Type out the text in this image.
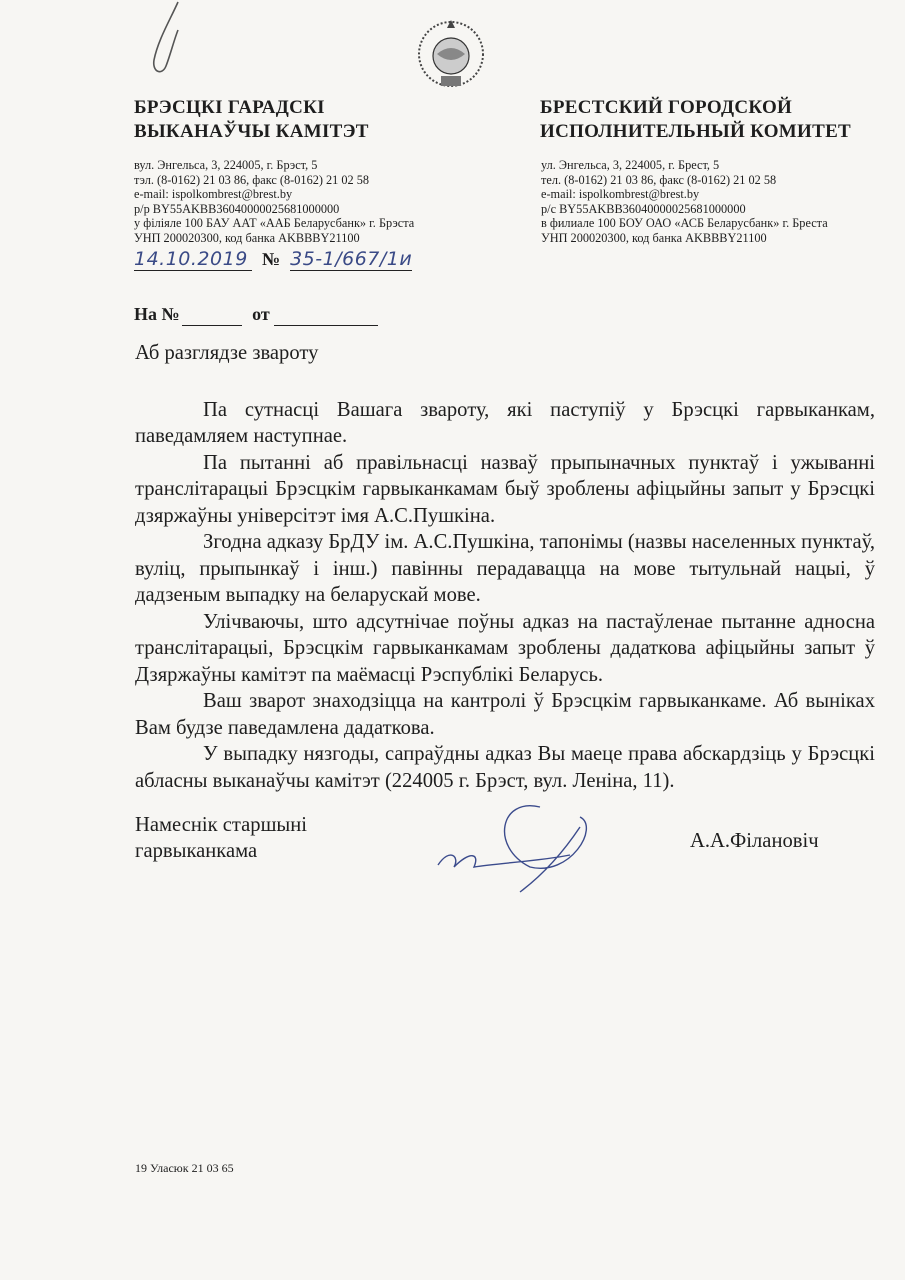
БРЭСЦКІ ГАРАДСКІ
ВЫКАНАЎЧЫ КАМІТЭТ
БРЕСТСКИЙ ГОРОДСКОЙ
ИСПОЛНИТЕЛЬНЫЙ КОМИТЕТ
вул. Энгельса, 3, 224005, г. Брэст, 5
тэл. (8-0162) 21 03 86, факс (8-0162) 21 02 58
e-mail: ispolkombrest@brest.by
р/р BY55AKBB36040000025681000000
у філіяле 100 БАУ ААТ «ААБ Беларусбанк» г. Брэста
УНП 200020300, код банка AKBBBY21100
ул. Энгельса, 3, 224005, г. Брест, 5
тел. (8-0162) 21 03 86, факс (8-0162) 21 02 58
e-mail: ispolkombrest@brest.by
р/с BY55AKBB36040000025681000000
в филиале 100 БОУ ОАО «АСБ Беларусбанк» г. Бреста
УНП 200020300, код банка AKBBBY21100
14.10.2019 № 35-1/667/1и
На №	от

Аб разглядзе звароту

Па сутнасці Вашага звароту, які паступіў у Брэсцкі гарвыканкам, паведамляем наступнае.

Па пытанні аб правільнасці назваў прыпыначных пунктаў і ужыванні транслітарацыі Брэсцкім гарвыканкамам быў зроблены афіцыйны запыт у Брэсцкі дзяржаўны універсітэт імя А.С.Пушкіна.

Згодна адказу БрДУ ім. А.С.Пушкіна, тапонімы (назвы населенных пунктаў, вуліц, прыпынкаў і інш.) павінны перадавацца на мове тытульнай нацыі, ў дадзеным выпадку на беларускай мове.

Улічваючы, што адсутнічае поўны адказ на пастаўленае пытанне адносна транслітарацыі, Брэсцкім гарвыканкамам зроблены дадаткова афіцыйны запыт ў Дзяржаўны камітэт па маёмасці Рэспублікі Беларусь.

Ваш зварот знаходзіцца на кантролі ў Брэсцкім гарвыканкаме. Аб выніках Вам будзе паведамлена дадаткова.

У выпадку нязгоды, сапраўдны адказ Вы маеце права абскардзіць у Брэсцкі абласны выканаўчы камітэт (224005 г. Брэст, вул. Леніна, 11).

Намеснік старшыні
гарвыканкама	А.А.Філановіч
19 Уласюк 21 03 65
